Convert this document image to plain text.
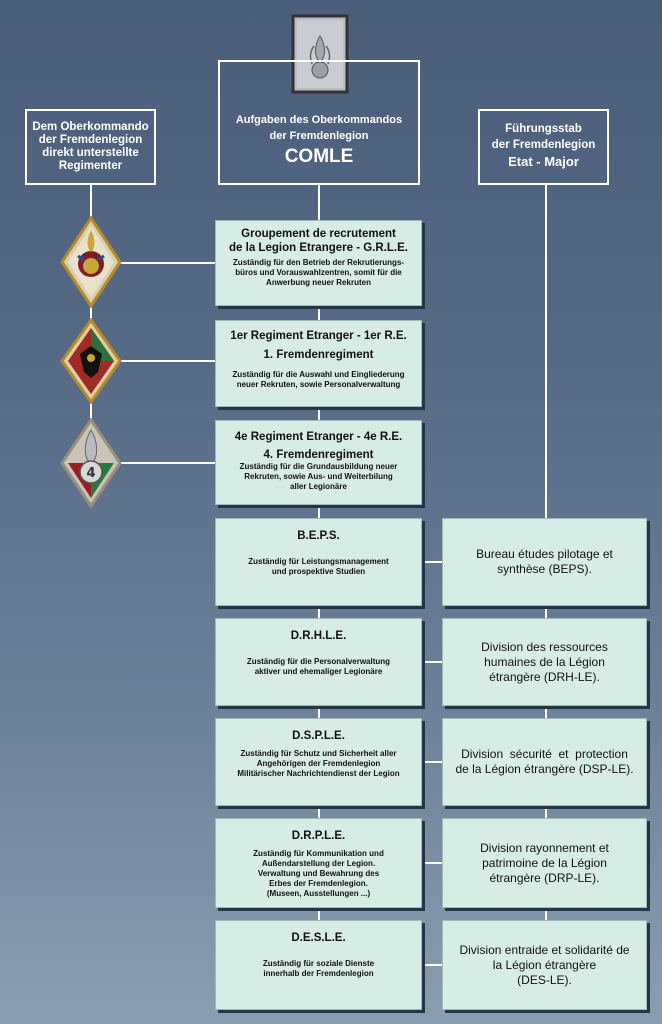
Dem Oberkommando
der Fremdenlegion
direkt unterstellte
Regimenter
Aufgaben des Oberkommandos
der Fremdenlegion
COMLE
Führungsstab
der Fremdenlegion
Etat - Major
4
Groupement de recrutement
de la Legion Etrangere - G.R.L.E.
Zuständig für den Betrieb der Rekrutierungs-
büros und Vorauswahlzentren, somit für die
Anwerbung neuer Rekruten
1er Regiment Etranger - 1er R.E.
1. Fremdenregiment
Zuständig für die Auswahl und Eingliederung
neuer Rekruten, sowie Personalverwaltung
4e Regiment Etranger - 4e R.E.
4. Fremdenregiment
Zuständig für die Grundausbildung neuer
Rekruten, sowie Aus- und Weiterbilung
aller Legionäre
B.E.P.S.
Zuständig für Leistungsmanagement
und prospektive Studien
Bureau études pilotage et
synthèse (BEPS).
D.R.H.L.E.
Zuständig für die Personalverwaltung
aktiver und ehemaliger Legionäre
Division des ressources
humaines de la Légion
étrangère (DRH-LE).
D.S.P.L.E.
Zuständig für Schutz und Sicherheit aller
Angehörigen der Fremdenlegion
Militärischer Nachrichtendienst der Legion
Division  sécurité  et  protection
de la Légion étrangère (DSP-LE).
D.R.P.L.E.
Zuständig für Kommunikation und
Außendarstellung der Legion.
Verwaltung und Bewahrung des
Erbes der Fremdenlegion.
(Museen, Ausstellungen ...)
Division rayonnement et
patrimoine de la Légion
étrangère (DRP-LE).
D.E.S.L.E.
Zuständig für soziale Dienste
innerhalb der Fremdenlegion
Division entraide et solidarité de
la Légion étrangère
(DES-LE).
